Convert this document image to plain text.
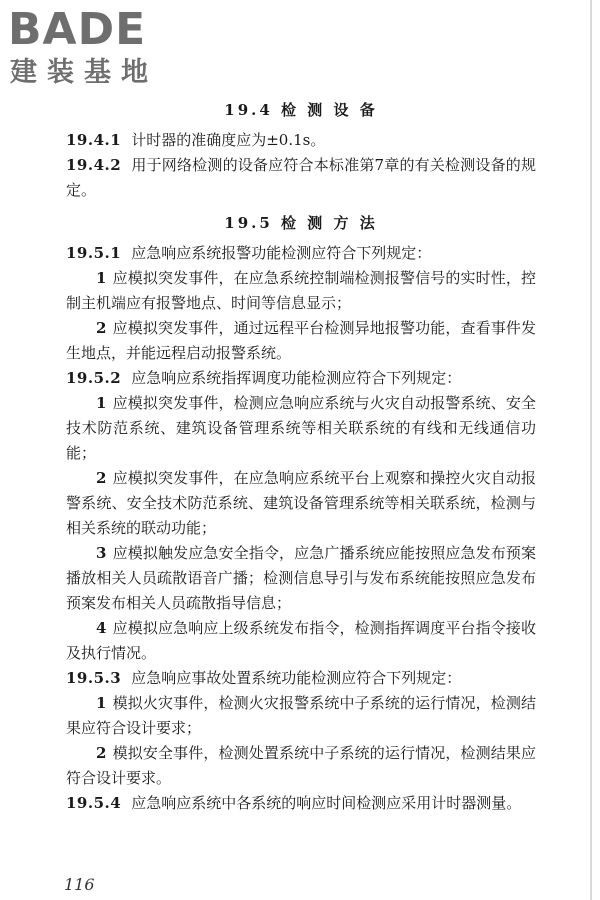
BADE
建装基地
19.4 检 测 设 备

19.4.1 计时器的准确度应为±0.1s。

19.4.2 用于网络检测的设备应符合本标准第7章的有关检测设备的规定。

19.5 检 测 方 法

19.5.1 应急响应系统报警功能检测应符合下列规定：

1 应模拟突发事件，在应急系统控制端检测报警信号的实时性，控制主机端应有报警地点、时间等信息显示；

2 应模拟突发事件，通过远程平台检测异地报警功能，查看事件发生地点，并能远程启动报警系统。

19.5.2 应急响应系统指挥调度功能检测应符合下列规定：

1 应模拟突发事件，检测应急响应系统与火灾自动报警系统、安全技术防范系统、建筑设备管理系统等相关联系统的有线和无线通信功能；

2 应模拟突发事件，在应急响应系统平台上观察和操控火灾自动报警系统、安全技术防范系统、建筑设备管理系统等相关联系统，检测与相关系统的联动功能；

3 应模拟触发应急安全指令，应急广播系统应能按照应急发布预案播放相关人员疏散语音广播；检测信息导引与发布系统能按照应急发布预案发布相关人员疏散指导信息；

4 应模拟应急响应上级系统发布指令，检测指挥调度平台指令接收及执行情况。

19.5.3 应急响应事故处置系统功能检测应符合下列规定：

1 模拟火灾事件，检测火灾报警系统中子系统的运行情况，检测结果应符合设计要求；

2 模拟安全事件，检测处置系统中子系统的运行情况，检测结果应符合设计要求。

19.5.4 应急响应系统中各系统的响应时间检测应采用计时器测量。

116
